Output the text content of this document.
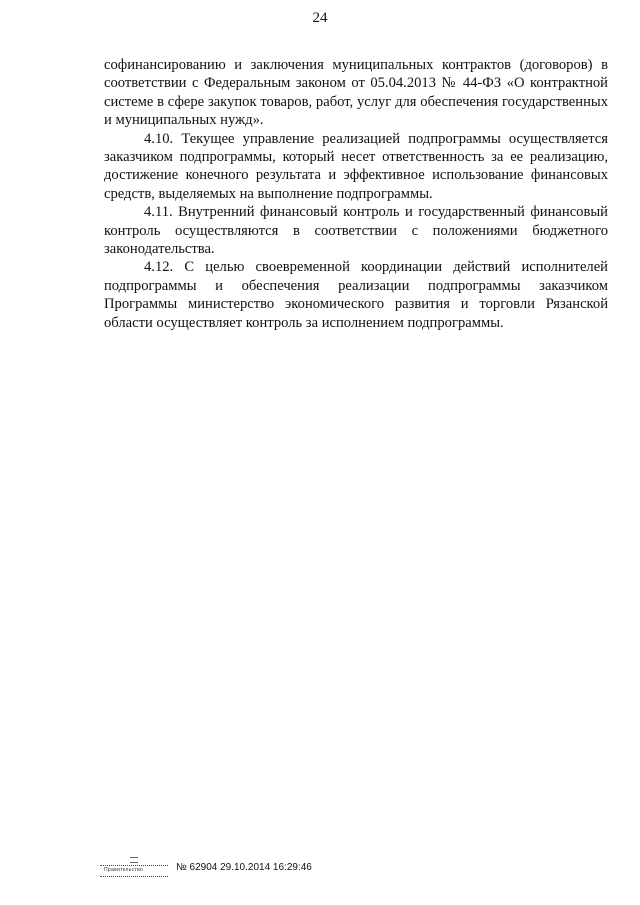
24

софинансированию и заключения муниципальных контрактов (договоров) в соответствии с Федеральным законом от 05.04.2013 № 44-ФЗ «О контрактной системе в сфере закупок товаров, работ, услуг для обеспечения государственных и муниципальных нужд».

4.10. Текущее управление реализацией подпрограммы осуществляется заказчиком подпрограммы, который несет ответственность за ее реализацию, достижение конечного результата и эффективное использование финансовых средств, выделяемых на выполнение подпрограммы.

4.11. Внутренний финансовый контроль и государственный финансовый контроль осуществляются в соответствии с положениями бюджетного законодательства.

4.12. С целью своевременной координации действий исполнителей подпрограммы и обеспечения реализации подпрограммы заказчиком Программы министерство экономического развития и торговли Рязанской области осуществляет контроль за исполнением подпрограммы.

Правительство	№ 62904 29.10.2014 16:29:46
